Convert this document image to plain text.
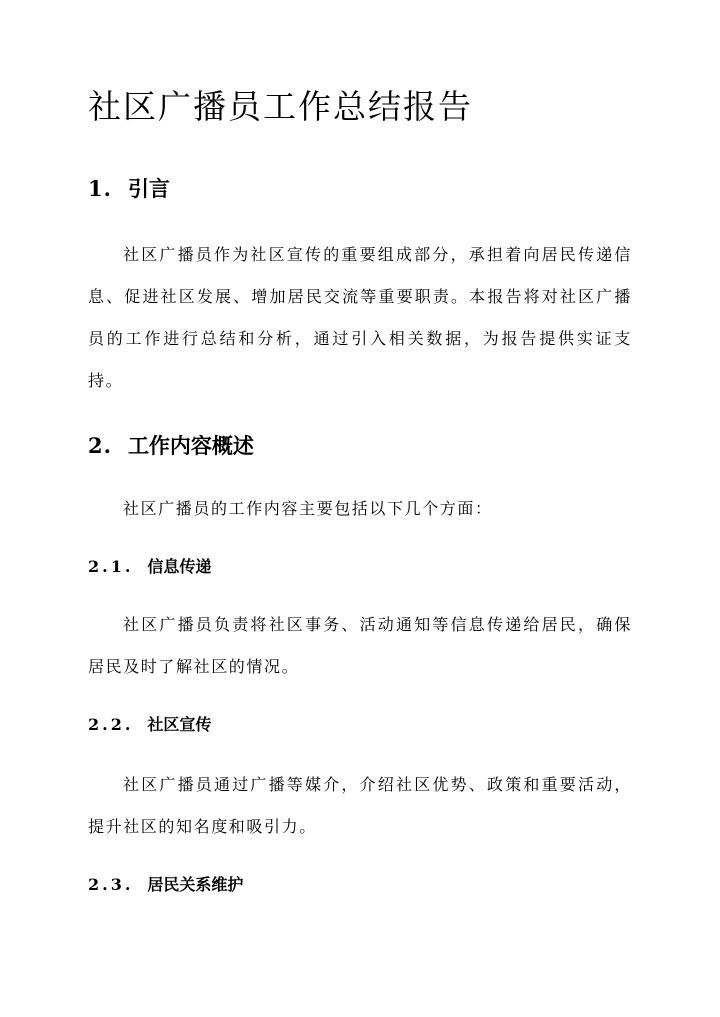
社区广播员工作总结报告
1. 引言

社区广播员作为社区宣传的重要组成部分，承担着向居民传递信息、促进社区发展、增加居民交流等重要职责。本报告将对社区广播员的工作进行总结和分析，通过引入相关数据，为报告提供实证支持。

2. 工作内容概述

社区广播员的工作内容主要包括以下几个方面：

2.1. 信息传递

社区广播员负责将社区事务、活动通知等信息传递给居民，确保居民及时了解社区的情况。

2.2. 社区宣传

社区广播员通过广播等媒介，介绍社区优势、政策和重要活动，提升社区的知名度和吸引力。

2.3. 居民关系维护
